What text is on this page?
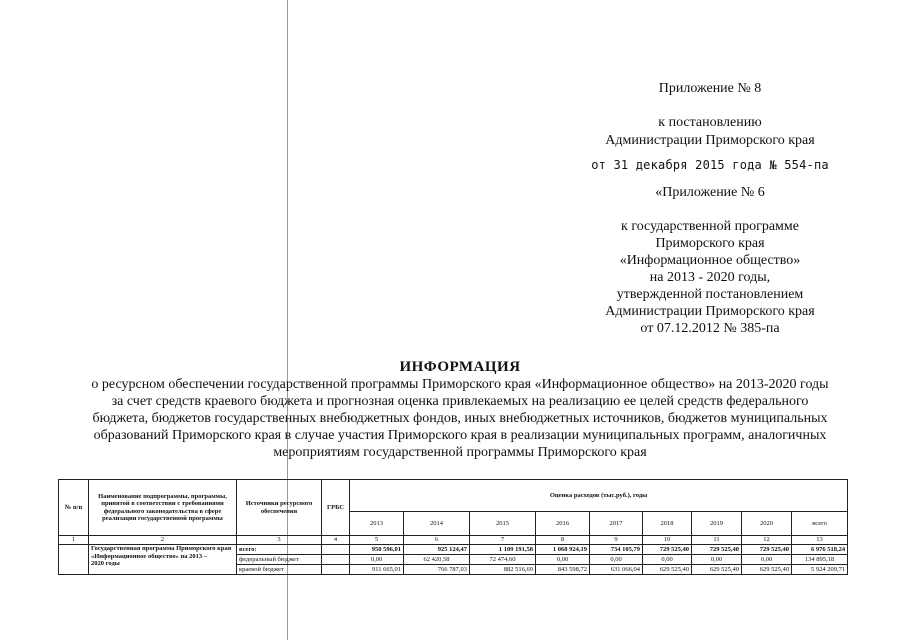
Приложение № 8
к постановлению
Администрации Приморского края
от 31 декабря 2015 года № 554-па
«Приложение № 6
к государственной программе
Приморского края
«Информационное общество»
на 2013 - 2020 годы,
утвержденной постановлением
Администрации Приморского края
от 07.12.2012 № 385-па
ИНФОРМАЦИЯ

о ресурсном обеспечении государственной программы Приморского края «Информационное общество» на 2013-2020 годы

за счет средств краевого бюджета и прогнозная оценка привлекаемых на реализацию ее целей средств федерального

бюджета, бюджетов государственных внебюджетных фондов, иных внебюджетных источников, бюджетов муниципальных

образований Приморского края в случае участия Приморского края в реализации муниципальных программ, аналогичных

мероприятиям государственной программы Приморского края

№ п/п	Наименование подпрограммы, программы, принятой в соответствии с требованиями федерального законодательства в сфере реализации государственной программы	Источники ресурсного обеспечения	ГРБС	Оценка расходов (тыс.руб.), годы								
				2013	2014	2015	2016	2017	2018	2019	2020	всего
1	2	3	4	5	6	7	8	9	10	11	12	13

	Государственная программа Приморского края
«Информационное общество» на 2013 –
2020 годы	всего:		950 596,01	925 124,47	1 109 191,58	1 068 924,19	734 105,79	729 525,40	729 525,40	729 525,40	6 976 518,24
		федеральный бюджет		0,00	62 420,58	72 474,60	0,00	0,00	0,00	0,00	0,00	134 895,18
		краевой бюджет		911 665,01	766 787,03	882 516,69	843 598,72	631 066,04	629 525,40	629 525,40	629 525,40	5 924 209,71
